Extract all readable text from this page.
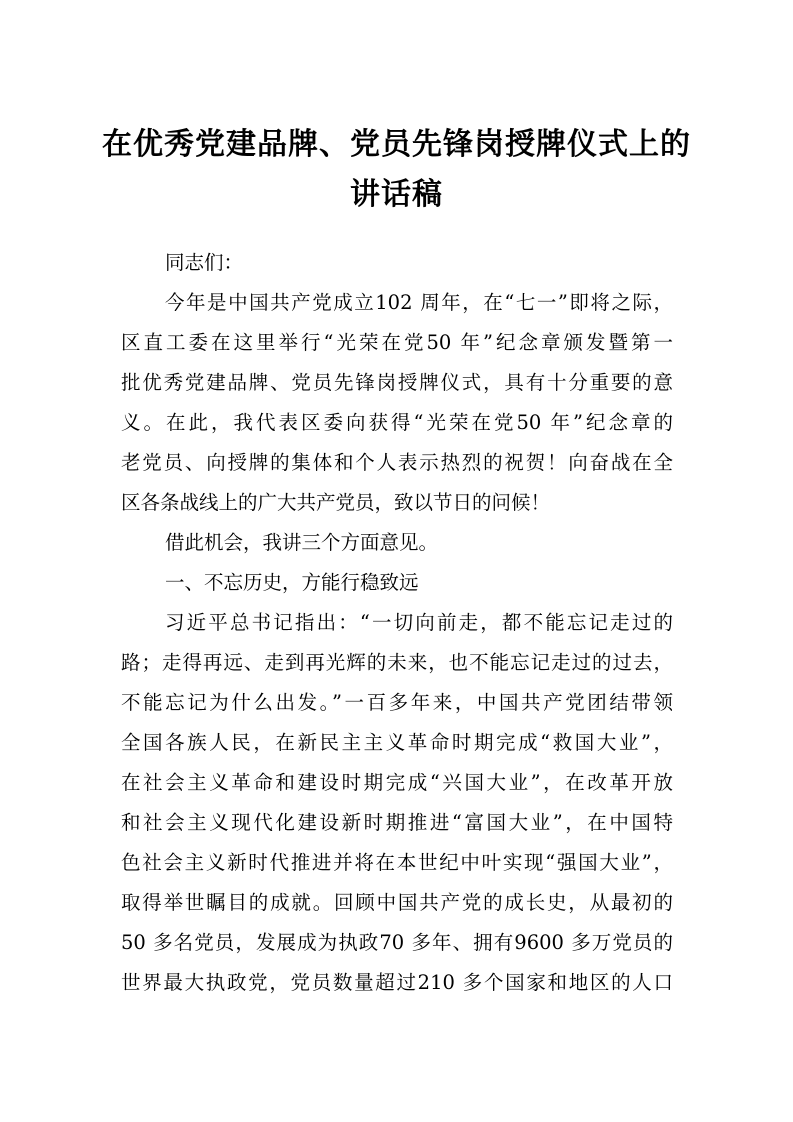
在优秀党建品牌、党员先锋岗授牌仪式上的
讲话稿
同志们：
今年是中国共产党成立102 周年，在“七一”即将之际，
区直工委在这里举行“光荣在党50 年”纪念章颁发暨第一
批优秀党建品牌、党员先锋岗授牌仪式，具有十分重要的意
义。在此，我代表区委向获得“光荣在党50 年”纪念章的
老党员、向授牌的集体和个人表示热烈的祝贺！向奋战在全
区各条战线上的广大共产党员，致以节日的问候！
借此机会，我讲三个方面意见。
一、不忘历史，方能行稳致远
习近平总书记指出：“一切向前走，都不能忘记走过的
路；走得再远、走到再光辉的未来，也不能忘记走过的过去，
不能忘记为什么出发。”一百多年来，中国共产党团结带领
全国各族人民，在新民主主义革命时期完成“救国大业”，
在社会主义革命和建设时期完成“兴国大业”，在改革开放
和社会主义现代化建设新时期推进“富国大业”，在中国特
色社会主义新时代推进并将在本世纪中叶实现“强国大业”，
取得举世瞩目的成就。回顾中国共产党的成长史，从最初的
50 多名党员，发展成为执政70 多年、拥有9600 多万党员的
世界最大执政党，党员数量超过210 多个国家和地区的人口
